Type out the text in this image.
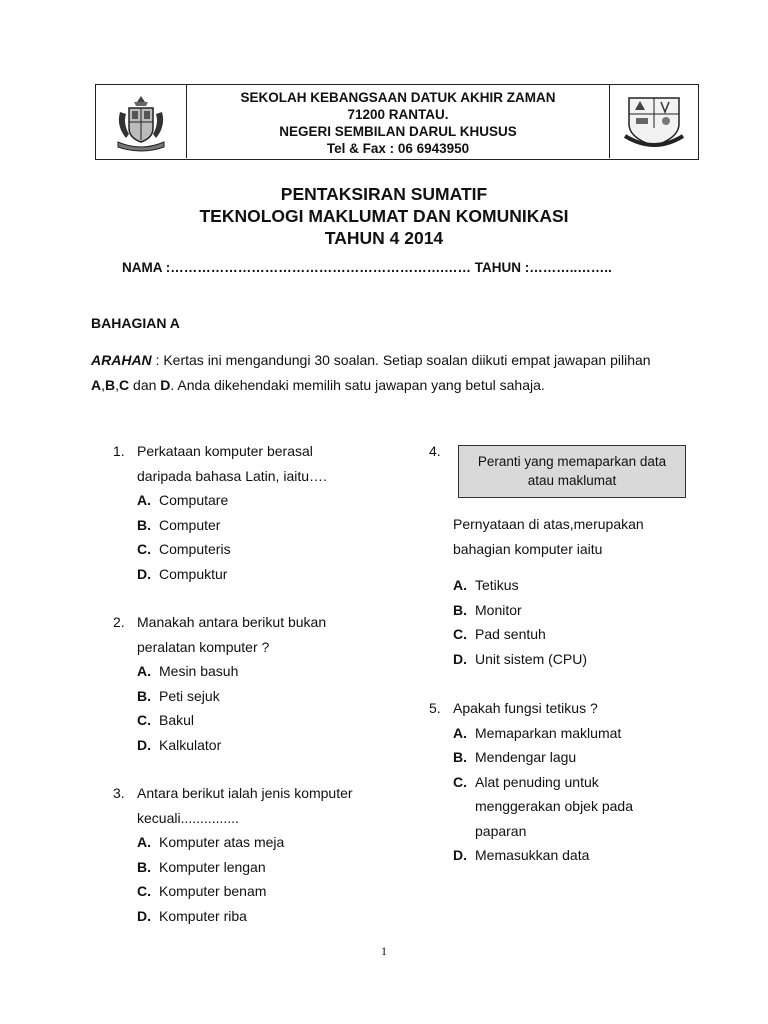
SEKOLAH KEBANGSAAN DATUK AKHIR ZAMAN
71200 RANTAU.
NEGERI SEMBILAN DARUL KHUSUS
Tel & Fax : 06 6943950
PENTAKSIRAN SUMATIF
TEKNOLOGI MAKLUMAT DAN KOMUNIKASI
TAHUN 4 2014
NAMA :…………………………………………………….…… TAHUN :………..……..
BAHAGIAN A
ARAHAN : Kertas ini mengandungi 30 soalan. Setiap soalan diikuti empat jawapan pilihan
A,B,C dan D. Anda dikehendaki memilih satu jawapan yang betul sahaja.
1. Perkataan komputer berasal
daripada bahasa Latin, iaitu….
A. Computare
B. Computer
C. Computeris
D. Compuktur
2. Manakah antara berikut bukan
peralatan komputer ?
A. Mesin basuh
B. Peti sejuk
C. Bakul
D. Kalkulator
3. Antara berikut ialah jenis komputer
kecuali...............
A. Komputer atas meja
B. Komputer lengan
C. Komputer benam
D. Komputer riba
4.
Peranti yang memaparkan data
atau maklumat
Pernyataan di atas,merupakan
bahagian komputer iaitu
A. Tetikus
B. Monitor
C. Pad sentuh
D. Unit sistem (CPU)
5. Apakah fungsi tetikus ?
A. Memaparkan maklumat
B. Mendengar lagu
C. Alat penuding untuk
menggerakan objek pada
paparan
D. Memasukkan data
1
